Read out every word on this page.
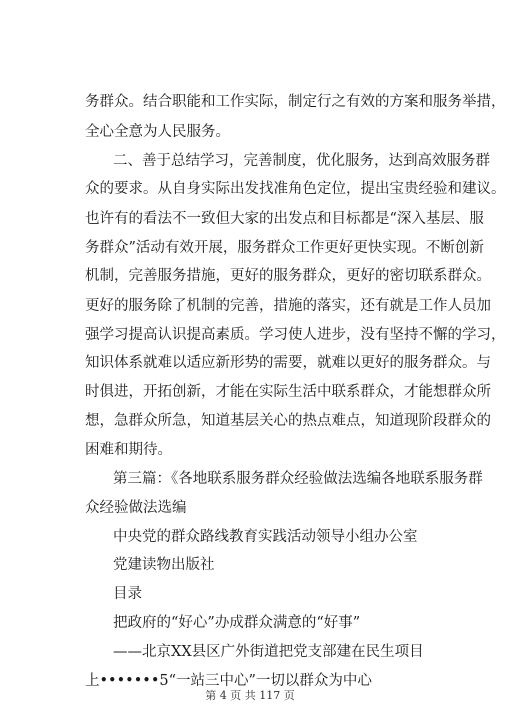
务群众。结合职能和工作实际，制定行之有效的方案和服务举措，
全心全意为人民服务。
二、善于总结学习，完善制度，优化服务，达到高效服务群
众的要求。从自身实际出发找准角色定位，提出宝贵经验和建议。
也许有的看法不一致但大家的出发点和目标都是“深入基层、服
务群众”活动有效开展，服务群众工作更好更快实现。不断创新
机制，完善服务措施，更好的服务群众，更好的密切联系群众。
更好的服务除了机制的完善，措施的落实，还有就是工作人员加
强学习提高认识提高素质。学习使人进步，没有坚持不懈的学习，
知识体系就难以适应新形势的需要，就难以更好的服务群众。与
时俱进，开拓创新，才能在实际生活中联系群众，才能想群众所
想，急群众所急，知道基层关心的热点难点，知道现阶段群众的
困难和期待。
第三篇：《各地联系服务群众经验做法选编各地联系服务群
众经验做法选编
中央党的群众路线教育实践活动领导小组办公室
党建读物出版社
目录
把政府的“好心”办成群众满意的“好事”
——北京XX县区广外街道把党支部建在民生项目
上•••••••5“一站三中心”一切以群众为中心
第 4 页 共 117 页
